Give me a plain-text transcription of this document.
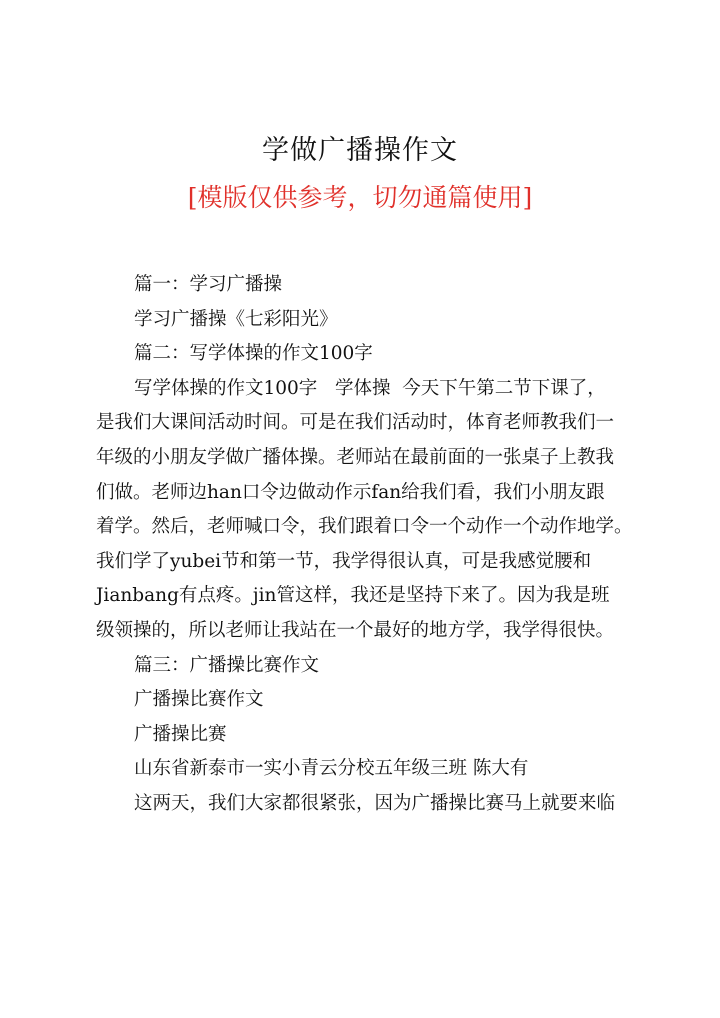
学做广播操作文
[模版仅供参考，切勿通篇使用]
篇一：学习广播操
学习广播操《七彩阳光》
篇二：写学体操的作文100字
写学体操的作文100字   学体操  今天下午第二节下课了，
是我们大课间活动时间。可是在我们活动时，体育老师教我们一
年级的小朋友学做广播体操。老师站在最前面的一张桌子上教我
们做。老师边han口令边做动作示fan给我们看，我们小朋友跟
着学。然后，老师喊口令，我们跟着口令一个动作一个动作地学。
我们学了yubei节和第一节，我学得很认真，可是我感觉腰和
Jianbang有点疼。jin管这样，我还是坚持下来了。因为我是班
级领操的，所以老师让我站在一个最好的地方学，我学得很快。
篇三：广播操比赛作文
广播操比赛作文
广播操比赛
山东省新泰市一实小青云分校五年级三班 陈大有
这两天，我们大家都很紧张，因为广播操比赛马上就要来临
